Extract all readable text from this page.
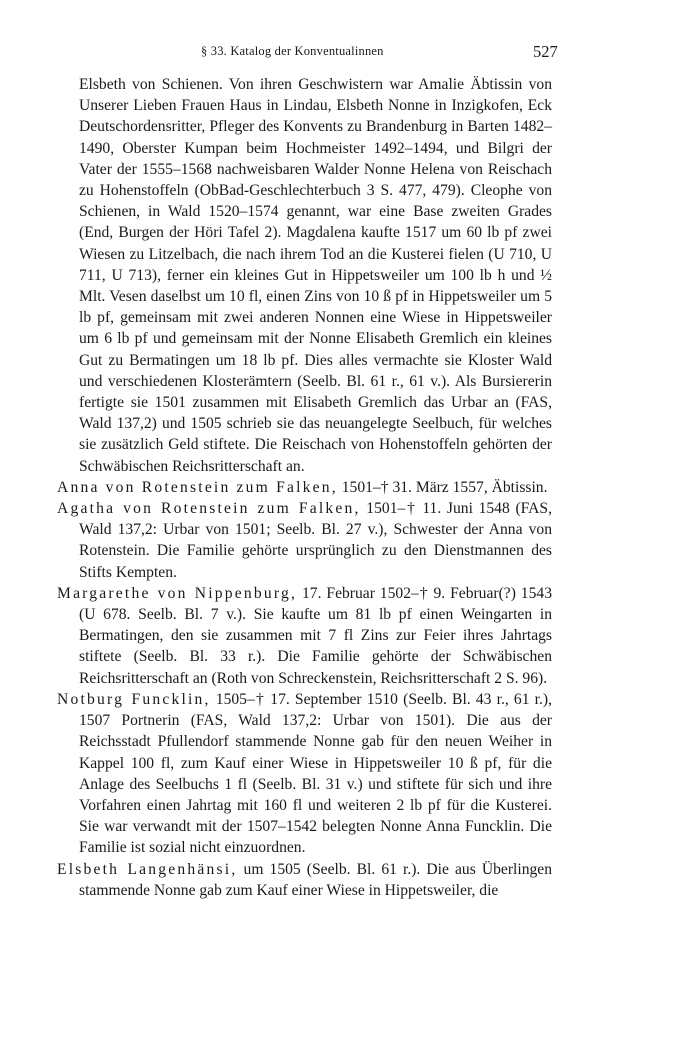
§ 33. Katalog der Konventualinnen	527

Elsbeth von Schienen. Von ihren Geschwistern war Amalie Äbtissin von Unserer Lieben Frauen Haus in Lindau, Elsbeth Nonne in Inzigkofen, Eck Deutschordensritter, Pfleger des Konvents zu Brandenburg in Barten 1482–1490, Oberster Kumpan beim Hochmeister 1492–1494, und Bilgri der Vater der 1555–1568 nachweisbaren Walder Nonne Helena von Reischach zu Hohenstoffeln (ObBad-Geschlechterbuch 3 S. 477, 479). Cleophe von Schienen, in Wald 1520–1574 genannt, war eine Base zweiten Grades (End, Burgen der Höri Tafel 2). Magdalena kaufte 1517 um 60 lb pf zwei Wiesen zu Litzelbach, die nach ihrem Tod an die Kusterei fielen (U 710, U 711, U 713), ferner ein kleines Gut in Hippetsweiler um 100 lb h und ½ Mlt. Vesen daselbst um 10 fl, einen Zins von 10 ß pf in Hippetsweiler um 5 lb pf, gemeinsam mit zwei anderen Nonnen eine Wiese in Hippetsweiler um 6 lb pf und gemeinsam mit der Nonne Elisabeth Gremlich ein kleines Gut zu Bermatingen um 18 lb pf. Dies alles vermachte sie Kloster Wald und verschiedenen Klosterämtern (Seelb. Bl. 61 r., 61 v.). Als Bursiererin fertigte sie 1501 zusammen mit Elisabeth Gremlich das Urbar an (FAS, Wald 137,2) und 1505 schrieb sie das neuangelegte Seelbuch, für welches sie zusätzlich Geld stiftete. Die Reischach von Hohenstoffeln gehörten der Schwäbischen Reichsritterschaft an.

Anna von Rotenstein zum Falken, 1501–† 31. März 1557, Äbtissin.

Agatha von Rotenstein zum Falken, 1501–† 11. Juni 1548 (FAS, Wald 137,2: Urbar von 1501; Seelb. Bl. 27 v.), Schwester der Anna von Rotenstein. Die Familie gehörte ursprünglich zu den Dienstmannen des Stifts Kempten.

Margarethe von Nippenburg, 17. Februar 1502–† 9. Februar(?) 1543 (U 678. Seelb. Bl. 7 v.). Sie kaufte um 81 lb pf einen Weingarten in Bermatingen, den sie zusammen mit 7 fl Zins zur Feier ihres Jahrtags stiftete (Seelb. Bl. 33 r.). Die Familie gehörte der Schwäbischen Reichsritterschaft an (Roth von Schreckenstein, Reichsritterschaft 2 S. 96).

Notburg Funcklin, 1505–† 17. September 1510 (Seelb. Bl. 43 r., 61 r.), 1507 Portnerin (FAS, Wald 137,2: Urbar von 1501). Die aus der Reichsstadt Pfullendorf stammende Nonne gab für den neuen Weiher in Kappel 100 fl, zum Kauf einer Wiese in Hippetsweiler 10 ß pf, für die Anlage des Seelbuchs 1 fl (Seelb. Bl. 31 v.) und stiftete für sich und ihre Vorfahren einen Jahrtag mit 160 fl und weiteren 2 lb pf für die Kusterei. Sie war verwandt mit der 1507–1542 belegten Nonne Anna Funcklin. Die Familie ist sozial nicht einzuordnen.

Elsbeth Langenhänsi, um 1505 (Seelb. Bl. 61 r.). Die aus Überlingen stammende Nonne gab zum Kauf einer Wiese in Hippetsweiler, die
